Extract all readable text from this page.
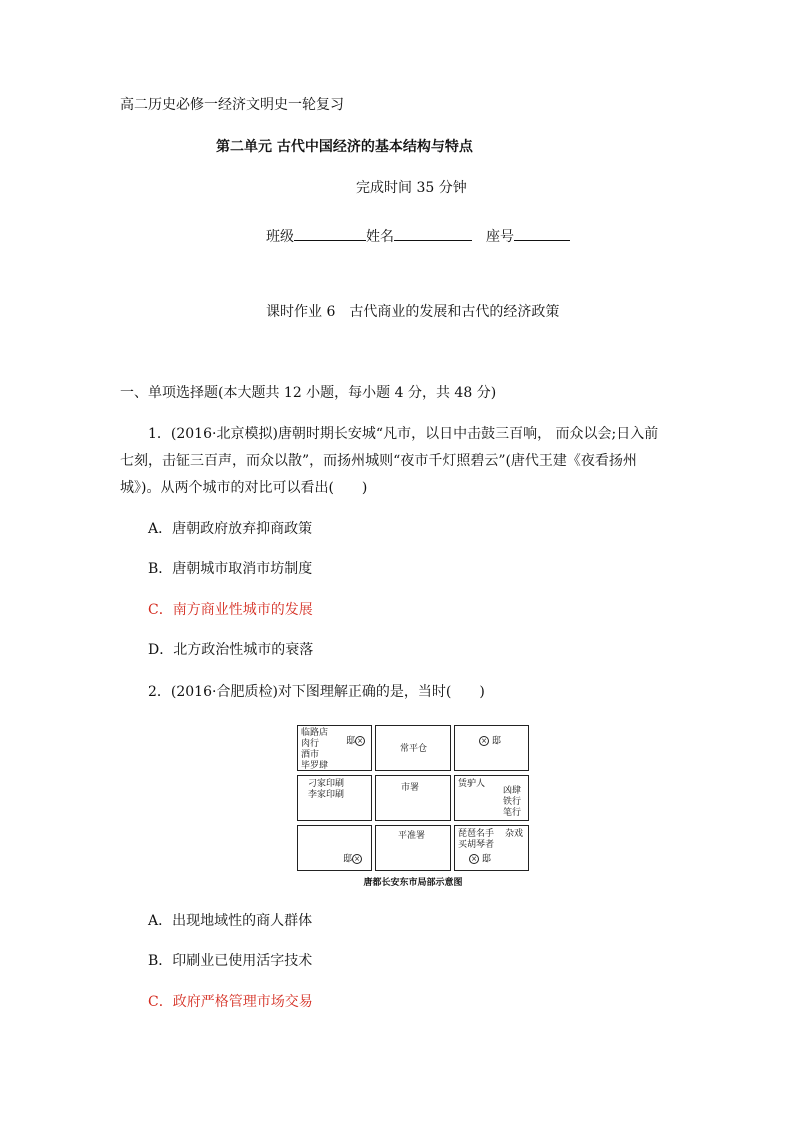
高二历史必修一经济文明史一轮复习
第二单元 古代中国经济的基本结构与特点
完成时间 35 分钟
班级	姓名	座号
课时作业 6　古代商业的发展和古代的经济政策
一、单项选择题(本大题共 12 小题，每小题 4 分，共 48 分)
1．(2016·北京模拟)唐朝时期长安城“凡市，以日中击鼓三百响， 而众以会;日入前
七刻，击钲三百声，而众以散”，而扬州城则“夜市千灯照碧云”(唐代王建《夜看扬州
城》)。从两个城市的对比可以看出(　　)
A．唐朝政府放弃抑商政策
B．唐朝城市取消市坊制度
C．南方商业性城市的发展
D．北方政治性城市的衰落
2．(2016·合肥质检)对下图理解正确的是，当时(　　)
临路店
肉行
酒市
毕罗肆
邸 ×
常平仓
× 邸
刁家印刷
李家印刷
市署	赁驴人
凶肆
铁行
笔行
邸 ×
平准署	琵琶名手
买胡琴者
杂戏
× 邸
唐都长安东市局部示意图
A．出现地域性的商人群体
B．印刷业已使用活字技术
C．政府严格管理市场交易
